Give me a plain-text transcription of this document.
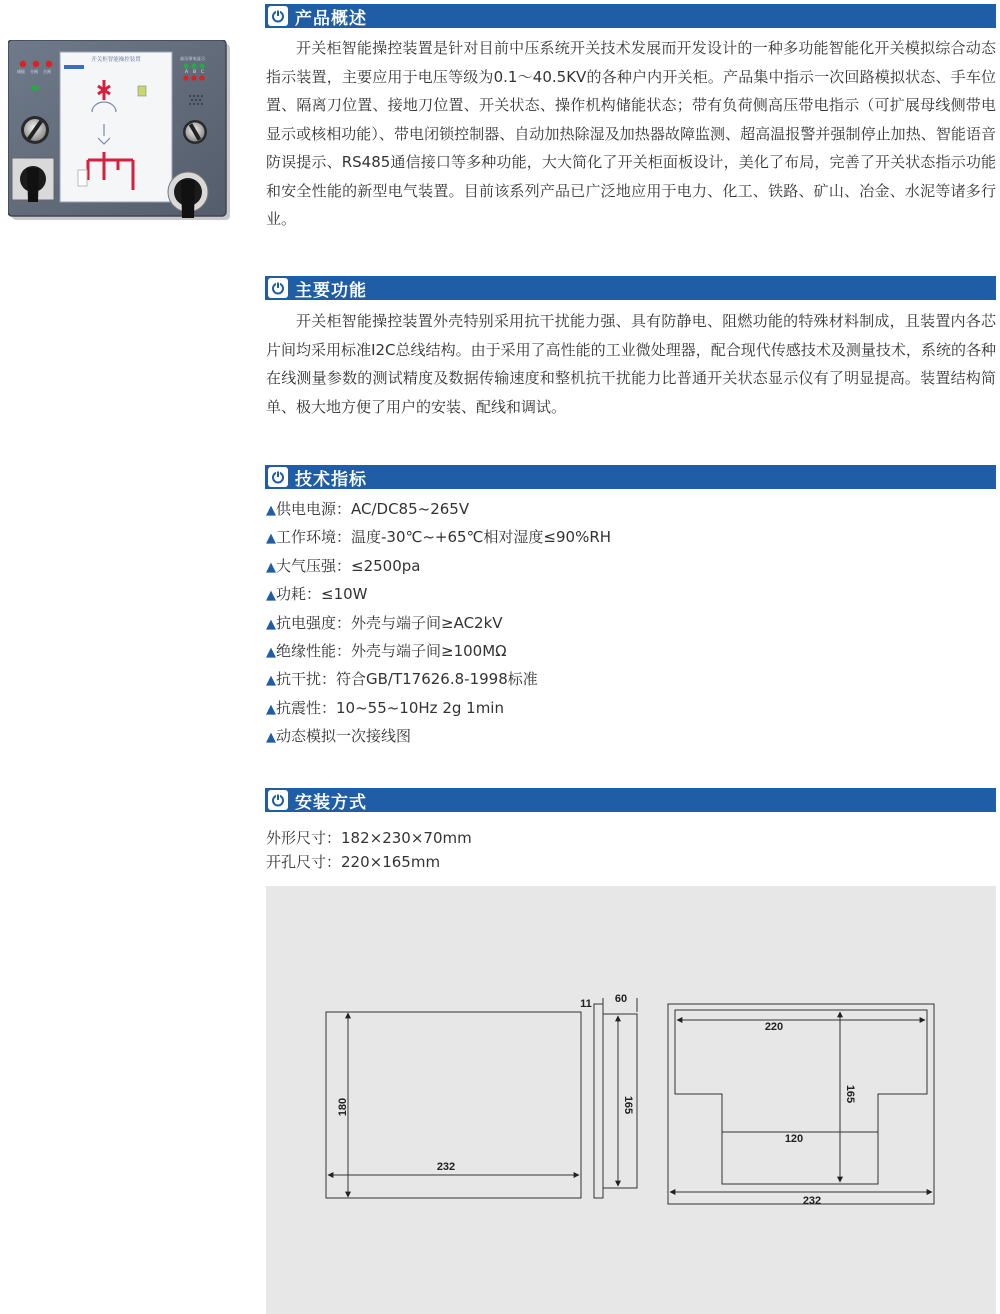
储能 分闸 合闸
开关柜智能操控装置	高压带电显示
A B C
产品概述

开关柜智能操控装置是针对目前中压系统开关技术发展而开发设计的一种多功能智能化开关模拟综合动态指示装置，主要应用于电压等级为0.1～40.5KV的各种户内开关柜。产品集中指示一次回路模拟状态、手车位置、隔离刀位置、接地刀位置、开关状态、操作机构储能状态；带有负荷侧高压带电指示（可扩展母线侧带电显示或核相功能）、带电闭锁控制器、自动加热除湿及加热器故障监测、超高温报警并强制停止加热、智能语音防误提示、RS485通信接口等多种功能，大大简化了开关柜面板设计，美化了布局，完善了开关状态指示功能和安全性能的新型电气装置。目前该系列产品已广泛地应用于电力、化工、铁路、矿山、冶金、水泥等诸多行业。

主要功能

开关柜智能操控装置外壳特别采用抗干扰能力强、具有防静电、阻燃功能的特殊材料制成，且装置内各芯片间均采用标准I2C总线结构。由于采用了高性能的工业微处理器，配合现代传感技术及测量技术，系统的各种在线测量参数的测试精度及数据传输速度和整机抗干扰能力比普通开关状态显示仪有了明显提高。装置结构简单、极大地方便了用户的安装、配线和调试。

技术指标
▲供电电源：AC/DC85~265V
▲工作环境：温度-30℃~+65℃相对湿度≤90%RH
▲大气压强：≤2500pa
▲功耗：≤10W
▲抗电强度：外壳与端子间≥AC2kV
▲绝缘性能：外壳与端子间≥100MΩ
▲抗干扰：符合GB/T17626.8-1998标准
▲抗震性：10~55~10Hz 2g 1min
▲动态模拟一次接线图
安装方式
外形尺寸：182×230×70mm
开孔尺寸：220×165mm
180
232
11 60
165
220
165
120
232
